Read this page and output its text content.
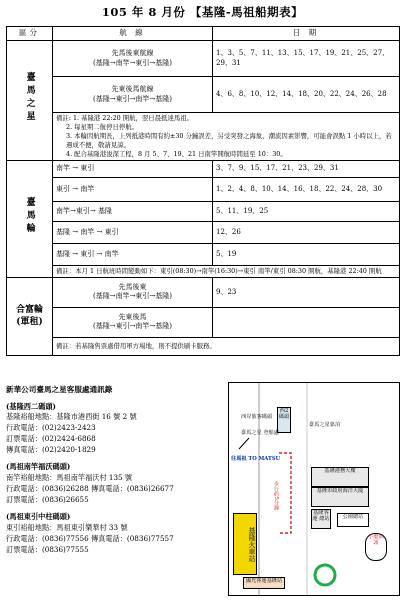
105 年 8 月份 【基隆-馬祖船期表】
區分	航 線	日 期
臺馬之星	先馬後東航線
(基隆→南竿→東引→基隆)	1、3、5、7、11、13、15、17、19、21、25、27、29、31
	先東後馬航線
(基隆→東引→南竿→基隆)	4、6、8、10、12、14、18、20、22、24、26、28
	備註: 1. 基隆港 22:20 開航，翌日晨抵達馬祖。
2. 每星期二航停日停航。
3. 本輪因航期長，上列抵港時間有約±30 分鐘誤差，另受突發之海象、潮流因素影響，可能會誤點 1 小時以上，若遇成不便，敬請見諒。
4. 配合基隆港浚深工程，8 月 5、7、19、21 日南竿開航時間延至 10：30。	

臺馬輪	南竿 → 東引	3、7、9、15、17、21、23、29、31
	東引 → 南竿	1、2、4、8、10、14、16、18、22、24、28、30
	南竿→東引→ 基隆	5、11、19、25
	基隆 → 南竿 → 東引	12、26
	基隆 → 東引 → 南竿	5、19
	備註：本月 1 日航班時間變動如下：東引(08:30)→南竿(16:30)→東引 南竿/東引 08:30 開航，基隆港 22:40 開航	
合富輪
(軍租)	先馬後東
(基隆→南竿→東引→基隆)	9、23
	先東後馬
(基隆→東引→南竿→基隆)	
	備註：若基隆售票處借用軍方場地，則不提供刷卡服務。	
新華公司臺馬之星客服處通訊錄
(基隆西二碼頭)
基隆裕船地點：基隆市港西街 16 號 2 號
行政電話：(02)2423-2423
訂票電話：(02)2424-6868
傳真電話：(02)2420-1829
(馬祖南竿福沃碼頭)
南竿裕船地點：馬祖南竿福沃村 135 號
行政電話：(0836)26288 傳真電話：(0836)26677
訂票電話：(0836)26655
(馬祖東引中柱碼頭)
東引裕船地點：馬祖東引樂華村 33 號
行政電話：(0836)77556 傳真電話：(0836)77557
訂票電話：(0836)77555
西岸旅客碼頭
西2碼頭
臺馬之星 登船處
臺馬之星靠泊
往馬祖 TO MATSU
步行約5分鐘
基隆火車站
基隆港務大樓
基隆市政府海洋大廈
基隆客運 總站	公園總站
小艇碼頭
國光客運基隆站
